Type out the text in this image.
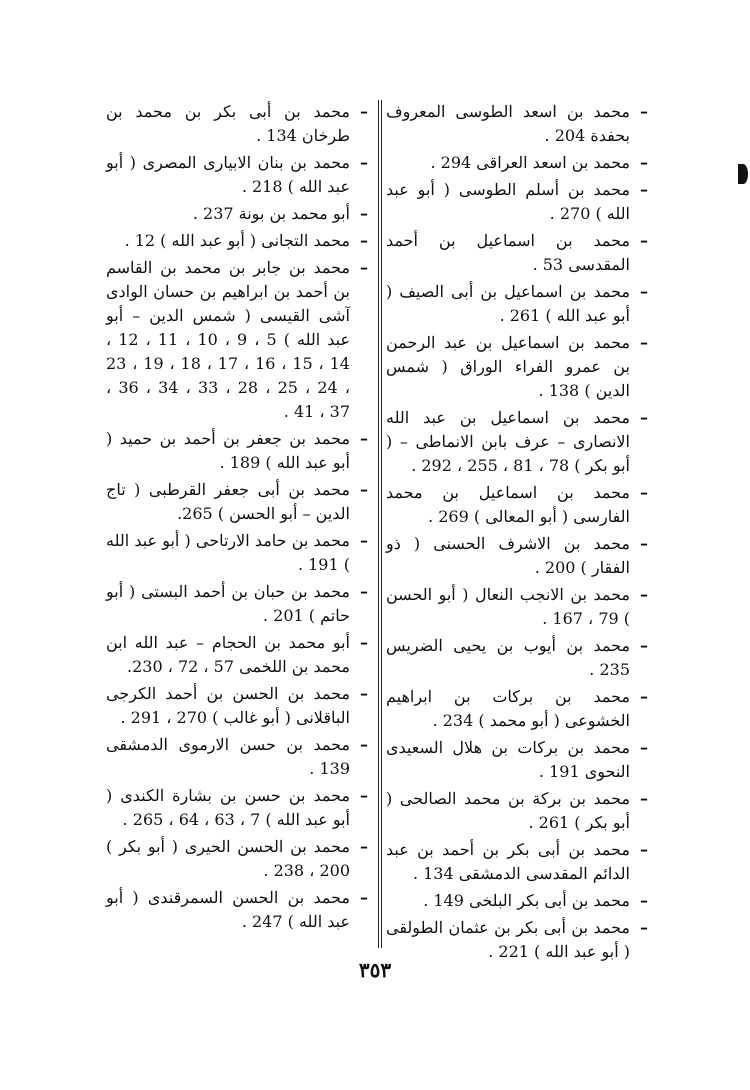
–
محمد بن اسعد الطوسى المعروف بحفدة 204 .
–
محمد بن اسعد العراقى 294 .
–
محمد بن أسلم الطوسى ( أبو عبد الله ) 270 .
–
محمد بن اسماعيل بن أحمد المقدسى 53 .
–
محمد بن اسماعيل بن أبى الصيف ( أبو عبد الله ) 261 .
–
محمد بن اسماعيل بن عبد الرحمن بن عمرو الفراء الوراق ( شمس الدين ) 138 .
–
محمد بن اسماعيل بن عبد الله الانصارى – عرف بابن الانماطى – ( أبو بكر ) 78 ، 81 ، 255 ، 292 .
–
محمد بن اسماعيل بن محمد الفارسى ( أبو المعالى ) 269 .
–
محمد بن الاشرف الحسنى ( ذو الفقار ) 200 .
–
محمد بن الانجب النعال ( أبو الحسن ) 79 ، 167 .
–
محمد بن أيوب بن يحيى الضريس 235 .
–
محمد بن بركات بن ابراهيم الخشوعى ( أبو محمد ) 234 .
–
محمد بن بركات بن هلال السعيدى النحوى 191 .
–
محمد بن بركة بن محمد الصالحى ( أبو بكر ) 261 .
–
محمد بن أبى بكر بن أحمد بن عبد الدائم المقدسى الدمشقى 134 .
–
محمد بن أبى بكر البلخى 149 .
–
محمد بن أبى بكر بن عثمان الطولقى ( أبو عبد الله ) 221 .
–
محمد بن أبى بكر بن محمد بن طرخان 134 .
–
محمد بن بنان الابيارى المصرى ( أبو عبد الله ) 218 .
–
أبو محمد بن بونة 237 .
–
محمد التجانى ( أبو عبد الله ) 12 .
–
محمد بن جابر بن محمد بن القاسم بن أحمد بن ابراهيم بن حسان الوادى آشى القيسى ( شمس الدين – أبو عبد الله ) 5 ، 9 ، 10 ، 11 ، 12 ، 14 ، 15 ، 16 ، 17 ، 18 ، 19 ، 23 ، 24 ، 25 ، 28 ، 33 ، 34 ، 36 ، 37 ، 41 .
–
محمد بن جعفر بن أحمد بن حميد ( أبو عبد الله ) 189 .
–
محمد بن أبى جعفر القرطبى ( تاج الدين – أبو الحسن ) 265.
–
محمد بن حامد الارتاحى ( أبو عبد الله ) 191 .
–
محمد بن حبان بن أحمد البستى ( أبو حاتم ) 201 .
–
أبو محمد بن الحجام – عبد الله ابن محمد بن اللخمى 57 ، 72 ، 230.
–
محمد بن الحسن بن أحمد الكرجى الباقلانى ( أبو غالب ) 270 ، 291 .
–
محمد بن حسن الارموى الدمشقى 139 .
–
محمد بن حسن بن بشارة الكندى ( أبو عبد الله ) 7 ، 63 ، 64 ، 265 .
–
محمد بن الحسن الحيرى ( أبو بكر ) 200 ، 238 .
–
محمد بن الحسن السمرقندى ( أبو عبد الله ) 247 .
٣٥٣
